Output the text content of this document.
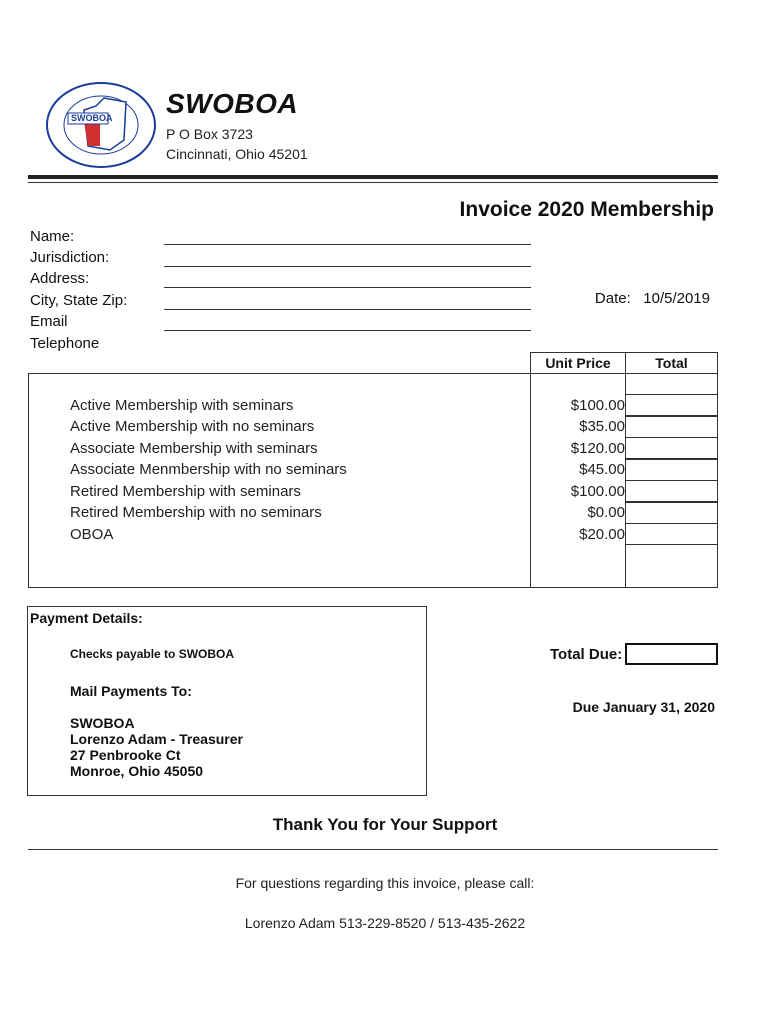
SWOBOA SWOBOA
P O Box 3723
Cincinnati, Ohio 45201
Invoice 2020 Membership
Name:
Jurisdiction:
Address:
City, State Zip:
Email
Telephone
Date: 10/5/2019
Unit Price	Total
Active Membership with seminars
Active Membership with no seminars
Associate Membership with seminars
Associate Menmbership with no seminars
Retired Membership with seminars
Retired Membership with no seminars
OBOA
$100.00
$35.00
$120.00
$45.00
$100.00
$0.00
$20.00
Payment Details:
Checks payable to SWOBOA
Mail Payments To:
SWOBOA
Lorenzo Adam - Treasurer
27 Penbrooke Ct
Monroe, Ohio 45050
Total Due:
Due January 31, 2020
Thank You for Your Support
For questions regarding this invoice, please call:
Lorenzo Adam 513-229-8520 / 513-435-2622
